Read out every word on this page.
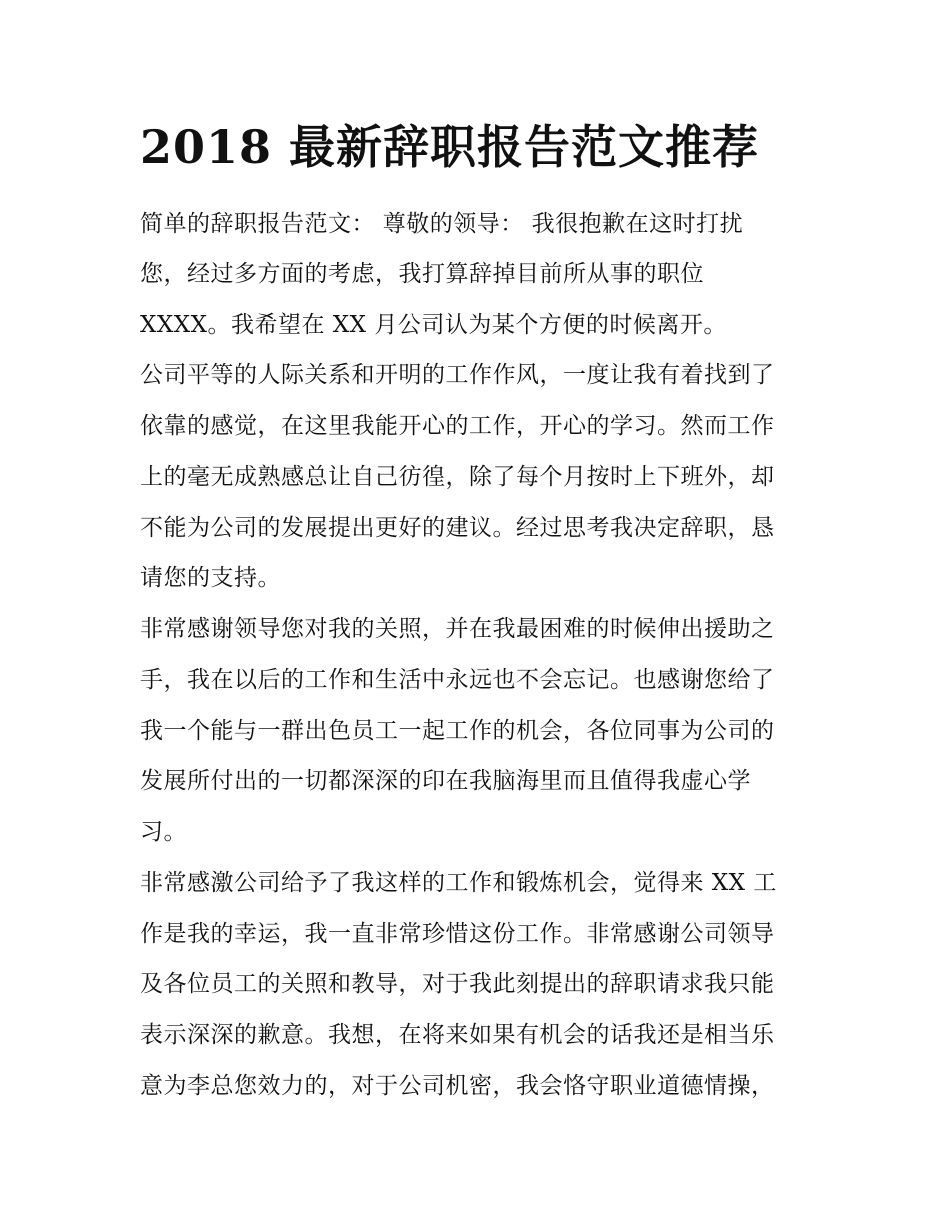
2018 最新辞职报告范文推荐

简单的辞职报告范文： 尊敬的领导： 我很抱歉在这时打扰

您，经过多方面的考虑，我打算辞掉目前所从事的职位

XXXX。我希望在 XX 月公司认为某个方便的时候离开。

公司平等的人际关系和开明的工作作风，一度让我有着找到了

依靠的感觉，在这里我能开心的工作，开心的学习。然而工作

上的毫无成熟感总让自己彷徨，除了每个月按时上下班外，却

不能为公司的发展提出更好的建议。经过思考我决定辞职，恳

请您的支持。

非常感谢领导您对我的关照，并在我最困难的时候伸出援助之

手，我在以后的工作和生活中永远也不会忘记。也感谢您给了

我一个能与一群出色员工一起工作的机会，各位同事为公司的

发展所付出的一切都深深的印在我脑海里而且值得我虚心学

习。

非常感激公司给予了我这样的工作和锻炼机会，觉得来 XX 工

作是我的幸运，我一直非常珍惜这份工作。非常感谢公司领导

及各位员工的关照和教导，对于我此刻提出的辞职请求我只能

表示深深的歉意。我想，在将来如果有机会的话我还是相当乐

意为李总您效力的，对于公司机密，我会恪守职业道德情操，
